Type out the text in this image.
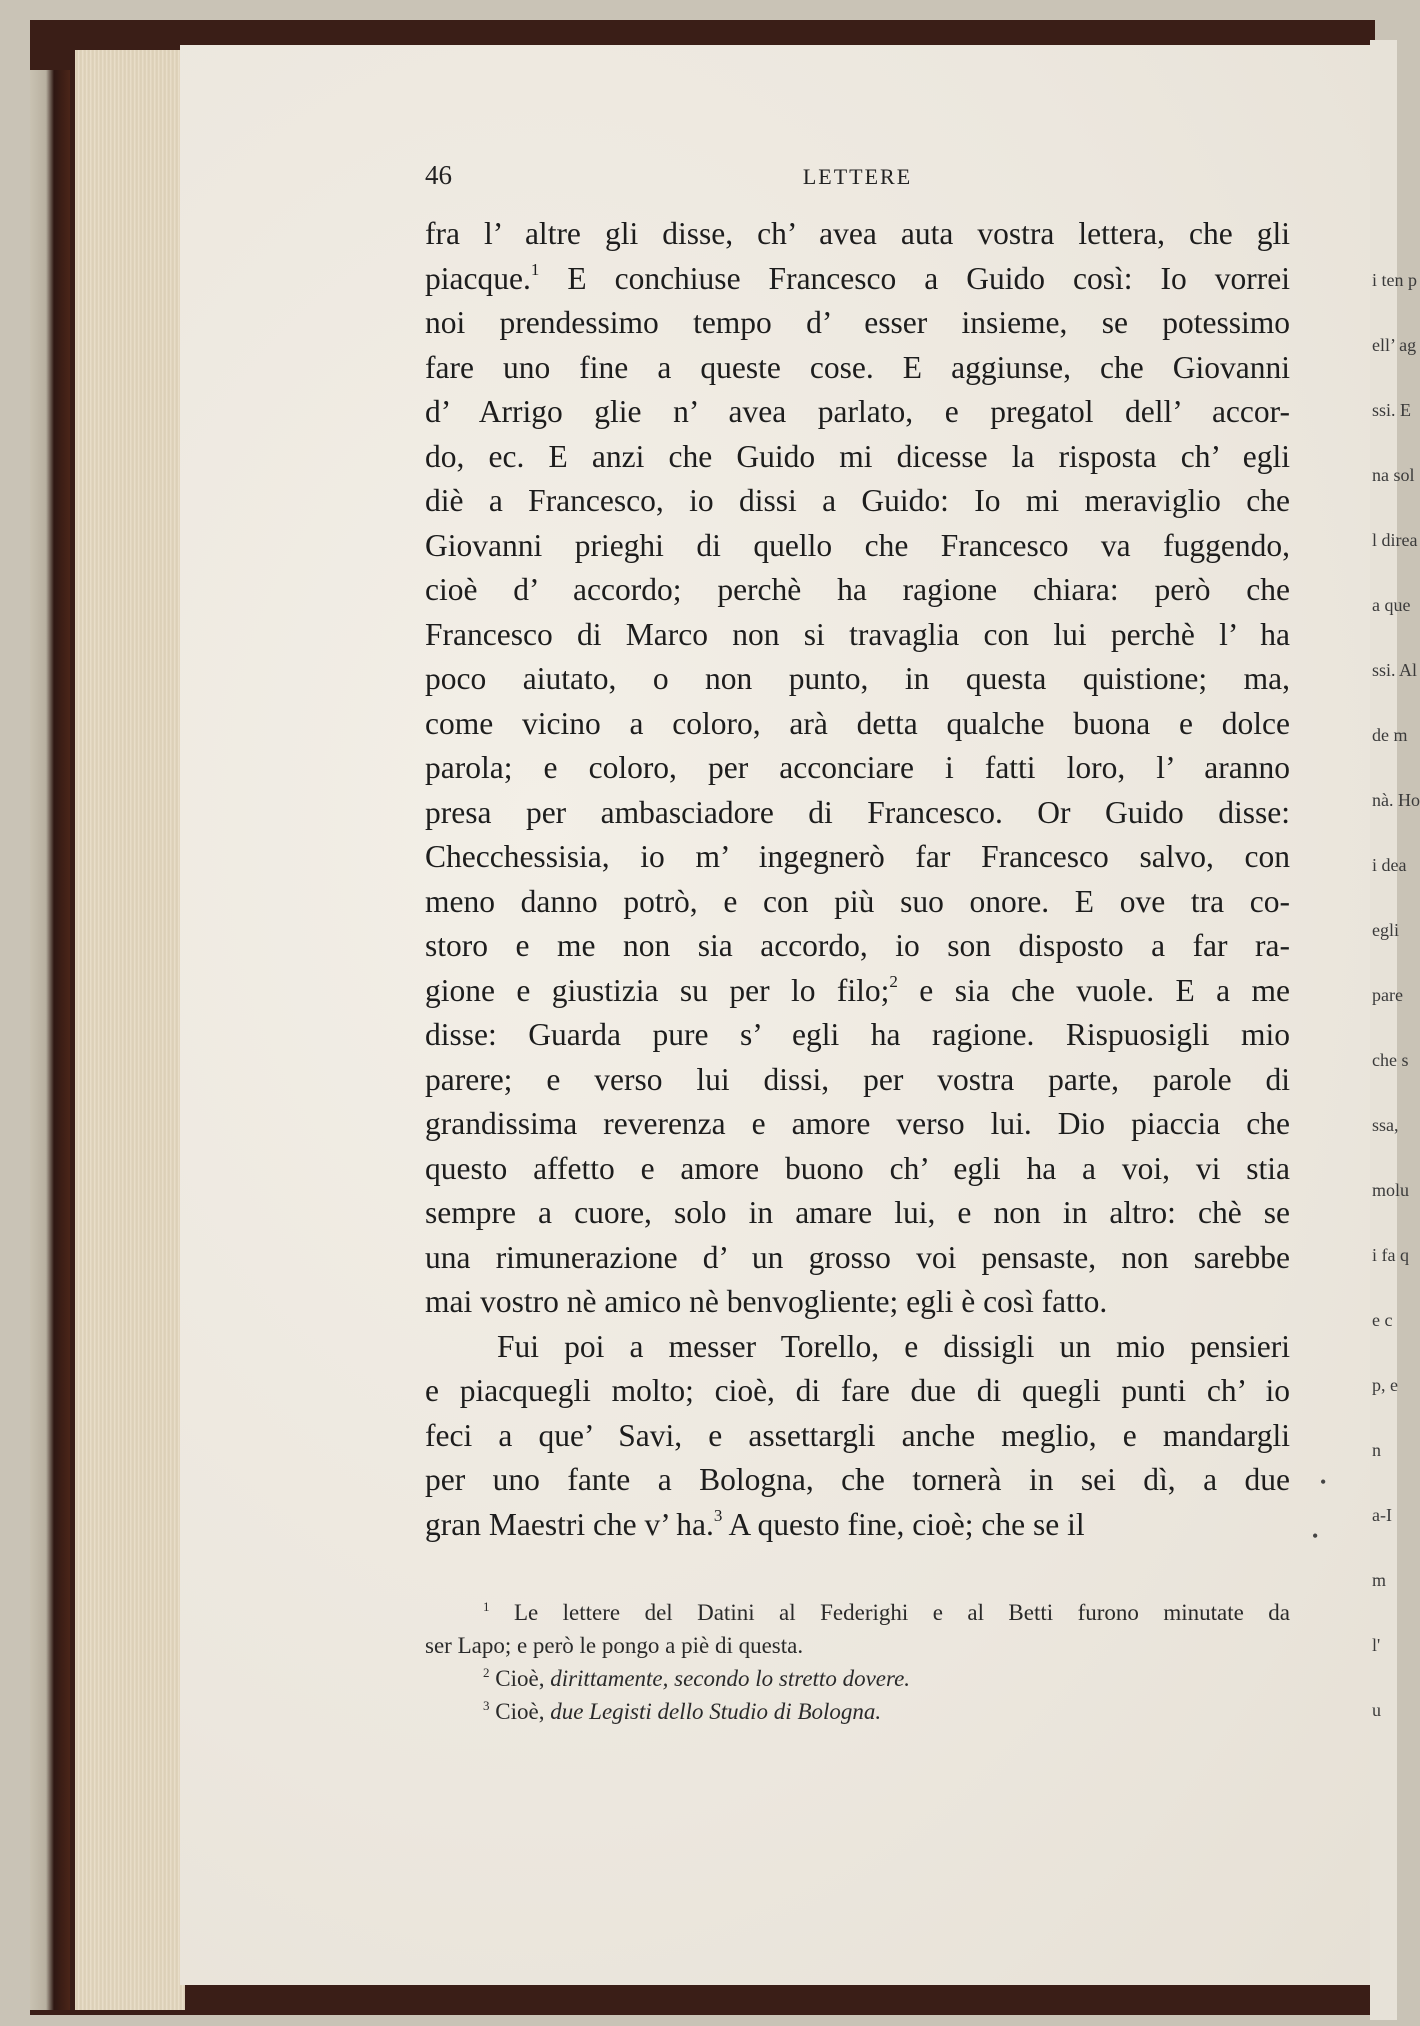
i ten p
ell’ ag
ssi. E
na sol
l direa
a que
ssi. Al
de m
nà. Ho
i dea
egli
pare
che s
ssa,
molu
i fa q
e c
p, e
n
a-I
m
l'
u
46	LETTERE
fra l’ altre gli disse, ch’ avea auta vostra lettera, che gli
piacque.$^1$ E conchiuse Francesco a Guido così: Io vorrei
noi prendessimo tempo d’ esser insieme, se potessimo
fare uno fine a queste cose. E aggiunse, che Giovanni
d’ Arrigo glie n’ avea parlato, e pregatol dell’ accor-
do, ec. E anzi che Guido mi dicesse la risposta ch’ egli
diè a Francesco, io dissi a Guido: Io mi meraviglio che
Giovanni prieghi di quello che Francesco va fuggendo,
cioè d’ accordo; perchè ha ragione chiara: però che
Francesco di Marco non si travaglia con lui perchè l’ ha
poco aiutato, o non punto, in questa quistione; ma,
come vicino a coloro, arà detta qualche buona e dolce
parola; e coloro, per acconciare i fatti loro, l’ aranno
presa per ambasciadore di Francesco. Or Guido disse:
Checchessisia, io m’ ingegnerò far Francesco salvo, con
meno danno potrò, e con più suo onore. E ove tra co-
storo e me non sia accordo, io son disposto a far ra-
gione e giustizia su per lo filo;$^2$ e sia che vuole. E a me
disse: Guarda pure s’ egli ha ragione. Rispuosigli mio
parere; e verso lui dissi, per vostra parte, parole di
grandissima reverenza e amore verso lui. Dio piaccia che
questo affetto e amore buono ch’ egli ha a voi, vi stia
sempre a cuore, solo in amare lui, e non in altro: chè se
una rimunerazione d’ un grosso voi pensaste, non sarebbe
mai vostro nè amico nè benvogliente; egli è così fatto.
Fui poi a messer Torello, e dissigli un mio pensieri
e piacquegli molto; cioè, di fare due di quegli punti ch’ io
feci a que’ Savi, e assettargli anche meglio, e mandargli
per uno fante a Bologna, che tornerà in sei dì, a due
gran Maestri che v’ ha.$^3$ A questo fine, cioè; che se il
$^1$ Le lettere del Datini al Federighi e al Betti furono minutate da
ser Lapo; e però le pongo a piè di questa.
$^2$ Cioè, dirittamente, secondo lo stretto dovere.
$^3$ Cioè, due Legisti dello Studio di Bologna.
•
•
